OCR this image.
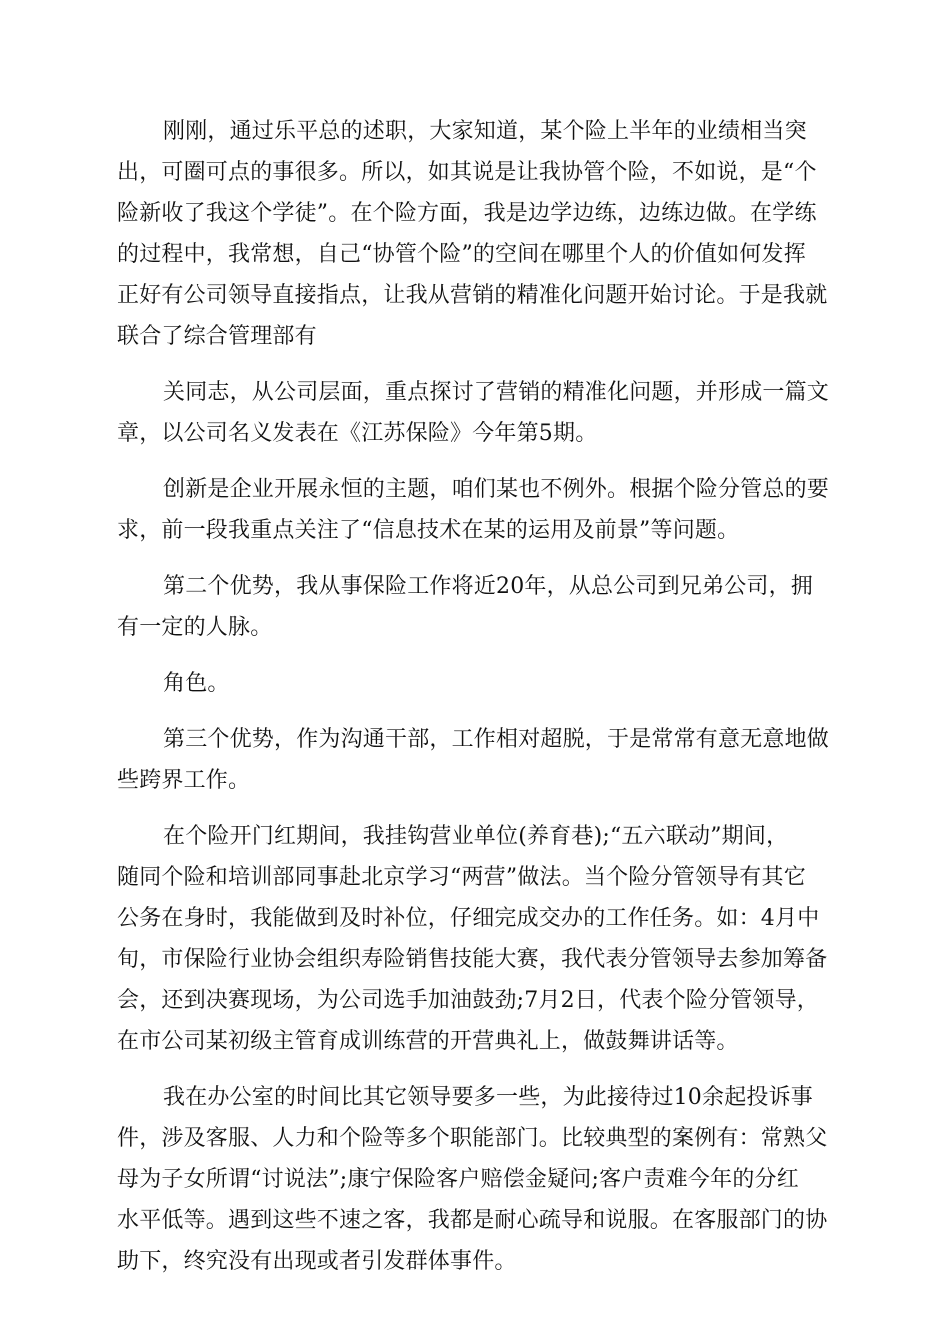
刚刚，通过乐平总的述职，大家知道，某个险上半年的业绩相当突
出，可圈可点的事很多。所以，如其说是让我协管个险，不如说，是“个
险新收了我这个学徒”。在个险方面，我是边学边练，边练边做。在学练
的过程中，我常想，自己“协管个险”的空间在哪里个人的价值如何发挥
正好有公司领导直接指点，让我从营销的精准化问题开始讨论。于是我就
联合了综合管理部有
关同志，从公司层面，重点探讨了营销的精准化问题，并形成一篇文
章，以公司名义发表在《江苏保险》今年第5期。
创新是企业开展永恒的主题，咱们某也不例外。根据个险分管总的要
求，前一段我重点关注了“信息技术在某的运用及前景”等问题。
第二个优势，我从事保险工作将近20年，从总公司到兄弟公司，拥
有一定的人脉。
角色。
第三个优势，作为沟通干部，工作相对超脱，于是常常有意无意地做
些跨界工作。
在个险开门红期间，我挂钩营业单位(养育巷);“五六联动”期间，
随同个险和培训部同事赴北京学习“两营”做法。当个险分管领导有其它
公务在身时，我能做到及时补位，仔细完成交办的工作任务。如：4月中
旬，市保险行业协会组织寿险销售技能大赛，我代表分管领导去参加筹备
会，还到决赛现场，为公司选手加油鼓劲;7月2日，代表个险分管领导，
在市公司某初级主管育成训练营的开营典礼上，做鼓舞讲话等。
我在办公室的时间比其它领导要多一些，为此接待过10余起投诉事
件，涉及客服、人力和个险等多个职能部门。比较典型的案例有：常熟父
母为子女所谓“讨说法”;康宁保险客户赔偿金疑问;客户责难今年的分红
水平低等。遇到这些不速之客，我都是耐心疏导和说服。在客服部门的协
助下，终究没有出现或者引发群体事件。
